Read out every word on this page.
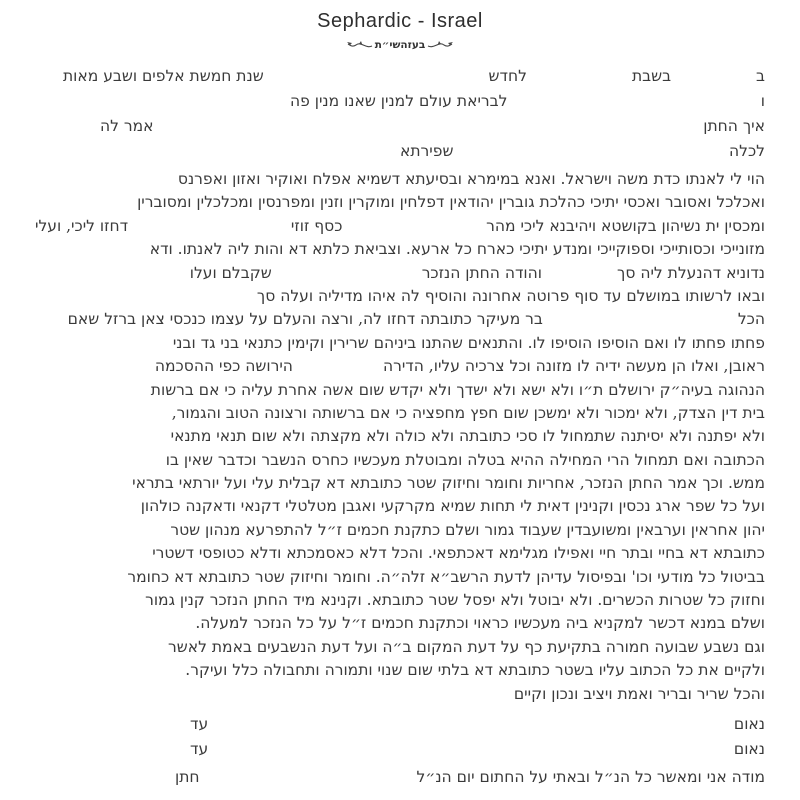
Sephardic - Israel
בעזהשי״ת
ב
בשבת
לחדש
שנת חמשת אלפים ושבע מאות
ו
לבריאת עולם למנין שאנו מנין פה
איך החתן
אמר לה
לכלה
שפירתא
הוי לי לאנתו כדת משה וישראל. ואנא במימרא ובסיעתא דשמיא אפלח ואוקיר ואזון ואפרנס
ואכלכל ואסובר ואכסי יתיכי כהלכת גוברין יהודאין דפלחין ומוקרין וזנין ומפרנסין ומכלכלין ומסוברין
ומכסין ית נשיהון בקושטא ויהיבנא ליכי מהר
כסף זוזי
דחזו ליכי, ועלי
מזונייכי וכסותייכי וספוקייכי ומנדע יתיכי כארח כל ארעא. וצביאת כלתא דא והות ליה לאנתו. ודא
נדוניא דהנעלת ליה סך
והודה החתן הנזכר
שקבלם ועלו
ובאו לרשותו במושלם עד סוף פרוטה אחרונה והוסיף לה איהו מדיליה ועלה סך
הכל
בר מעיקר כתובתה דחזו לה, ורצה והעלם על עצמו כנכסי צאן ברזל שאם
פחתו פחתו לו ואם הוסיפו הוסיפו לו. והתנאים שהתנו ביניהם שרירין וקימין כתנאי בני גד ובני
ראובן, ואלו הן מעשה ידיה לו מזונה וכל צרכיה עליו, הדירה
הירושה כפי ההסכמה
הנהוגה בעיה״ק ירושלם ת״ו ולא ישא ולא ישדך ולא יקדש שום אשה אחרת עליה כי אם ברשות
בית דין הצדק, ולא ימכור ולא ימשכן שום חפץ מחפציה כי אם ברשותה ורצונה הטוב והגמור,
ולא יפתנה ולא יסיתנה שתמחול לו סכי כתובתה ולא כולה ולא מקצתה ולא שום תנאי מתנאי
הכתובה ואם תמחול הרי המחילה ההיא בטלה ומבוטלת מעכשיו כחרס הנשבר וכדבר שאין בו
ממש. וכך אמר החתן הנזכר, אחריות וחומר וחיזוק שטר כתובתא דא קבלית עלי ועל יורתאי בתראי
ועל כל שפר ארג נכסין וקנינין דאית לי תחות שמיא מקרקעי ואגבן מטלטלי דקנאי ודאקנה כולהון
יהון אחראין וערבאין ומשועבדין שעבוד גמור ושלם כתקנת חכמים ז״ל להתפרעא מנהון שטר
כתובתא דא בחיי ובתר חיי ואפילו מגלימא דאכתפאי. והכל דלא כאסמכתא ודלא כטופסי דשטרי
בביטול כל מודעי וכו' ובפיסול עדיהן לדעת הרשב״א זלה״ה. וחומר וחיזוק שטר כתובתא דא כחומר
וחזוק כל שטרות הכשרים. ולא יבוטל ולא יפסל שטר כתובתא. וקנינא מיד החתן הנזכר קנין גמור
ושלם במנא דכשר למקניא ביה מעכשיו כראוי וכתקנת חכמים ז״ל על כל הנזכר למעלה.
וגם נשבע שבועה חמורה בתקיעת כף על דעת המקום ב״ה ועל דעת הנשבעים באמת לאשר
ולקיים את כל הכתוב עליו בשטר כתובתא דא בלתי שום שנוי ותמורה ותחבולה כלל ועיקר.
והכל שריר ובריר ואמת ויציב ונכון וקיים
נאום
עד
נאום
עד
מודה אני ומאשר כל הנ״ל ובאתי על החתום יום הנ״ל
חתן
